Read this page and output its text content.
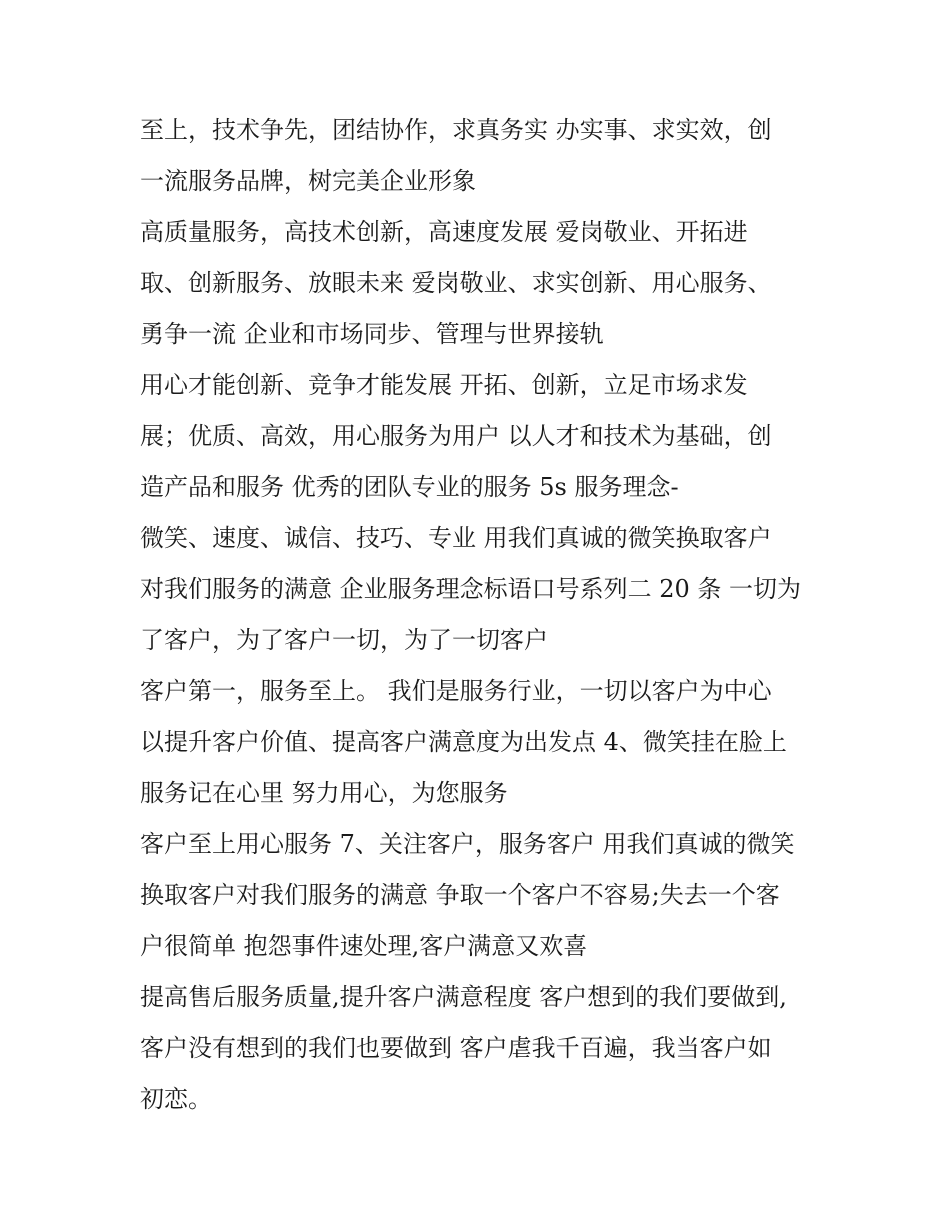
至上，技术争先，团结协作，求真务实 办实事、求实效，创
一流服务品牌，树完美企业形象
高质量服务，高技术创新，高速度发展 爱岗敬业、开拓进
取、创新服务、放眼未来 爱岗敬业、求实创新、用心服务、
勇争一流 企业和市场同步、管理与世界接轨
用心才能创新、竞争才能发展 开拓、创新，立足市场求发
展；优质、高效，用心服务为用户 以人才和技术为基础，创
造产品和服务 优秀的团队专业的服务 5s 服务理念-
微笑、速度、诚信、技巧、专业 用我们真诚的微笑换取客户
对我们服务的满意 企业服务理念标语口号系列二 20 条 一切为
了客户，为了客户一切，为了一切客户
客户第一，服务至上。 我们是服务行业，一切以客户为中心
以提升客户价值、提高客户满意度为出发点 4、微笑挂在脸上
服务记在心里 努力用心，为您服务
客户至上用心服务 7、关注客户，服务客户 用我们真诚的微笑
换取客户对我们服务的满意 争取一个客户不容易;失去一个客
户很简单 抱怨事件速处理,客户满意又欢喜
提高售后服务质量,提升客户满意程度 客户想到的我们要做到,
客户没有想到的我们也要做到 客户虐我千百遍，我当客户如
初恋。
